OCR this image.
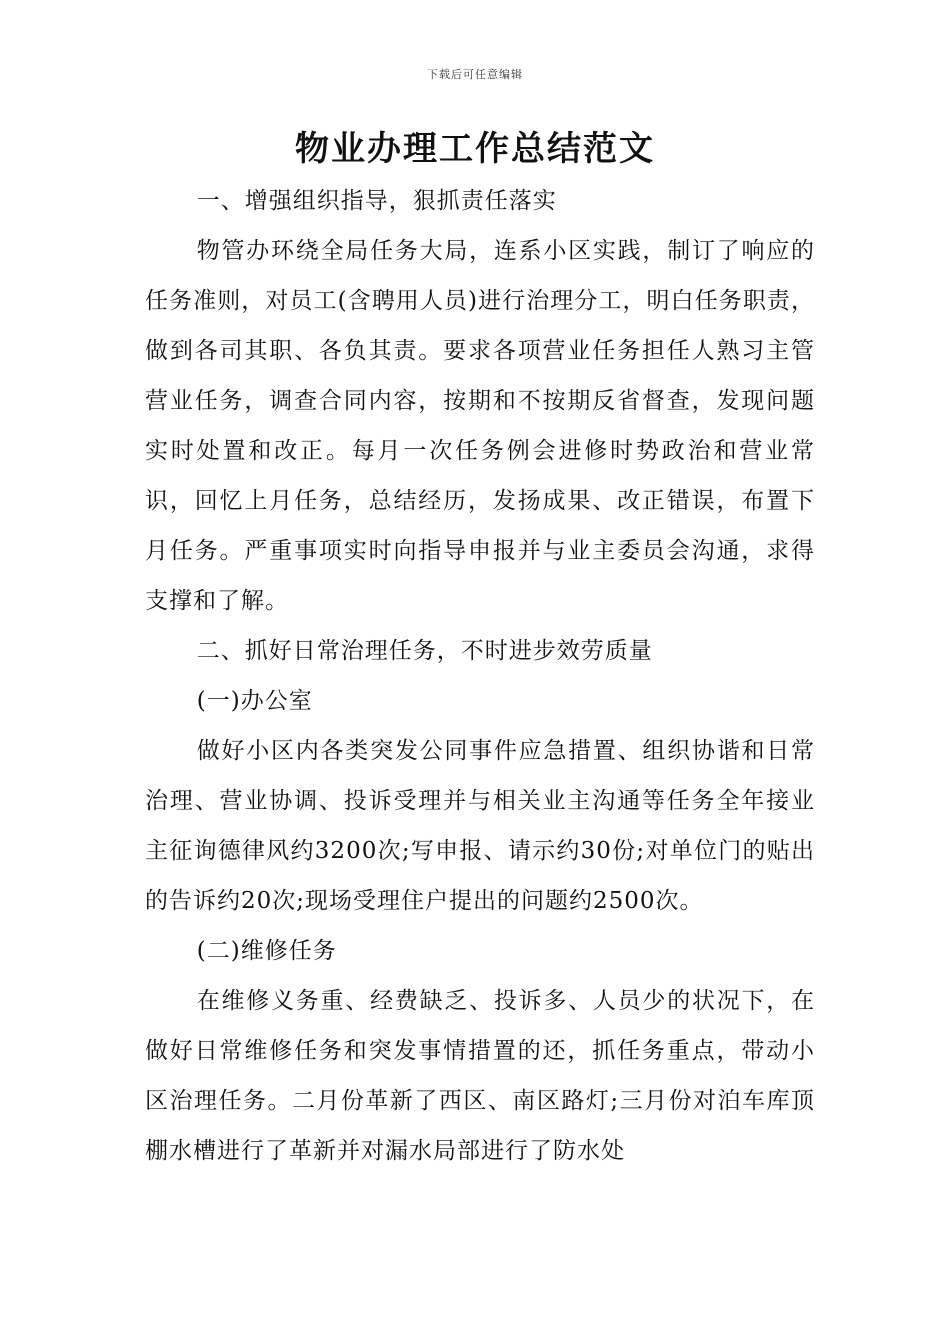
下载后可任意编辑
物业办理工作总结范文

一、增强组织指导，狠抓责任落实

物管办环绕全局任务大局，连系小区实践，制订了响应的任务准则，对员工(含聘用人员)进行治理分工，明白任务职责，做到各司其职、各负其责。要求各项营业任务担任人熟习主管营业任务，调查合同内容，按期和不按期反省督查，发现问题实时处置和改正。每月一次任务例会进修时势政治和营业常识，回忆上月任务，总结经历，发扬成果、改正错误，布置下月任务。严重事项实时向指导申报并与业主委员会沟通，求得支撑和了解。

二、抓好日常治理任务，不时进步效劳质量

(一)办公室

做好小区内各类突发公同事件应急措置、组织协谐和日常治理、营业协调、投诉受理并与相关业主沟通等任务全年接业主征询德律风约3200次;写申报、请示约30份;对单位门的贴出的告诉约20次;现场受理住户提出的问题约2500次。

(二)维修任务

在维修义务重、经费缺乏、投诉多、人员少的状况下，在做好日常维修任务和突发事情措置的还，抓任务重点，带动小区治理任务。二月份革新了西区、南区路灯;三月份对泊车库顶棚水槽进行了革新并对漏水局部进行了防水处
